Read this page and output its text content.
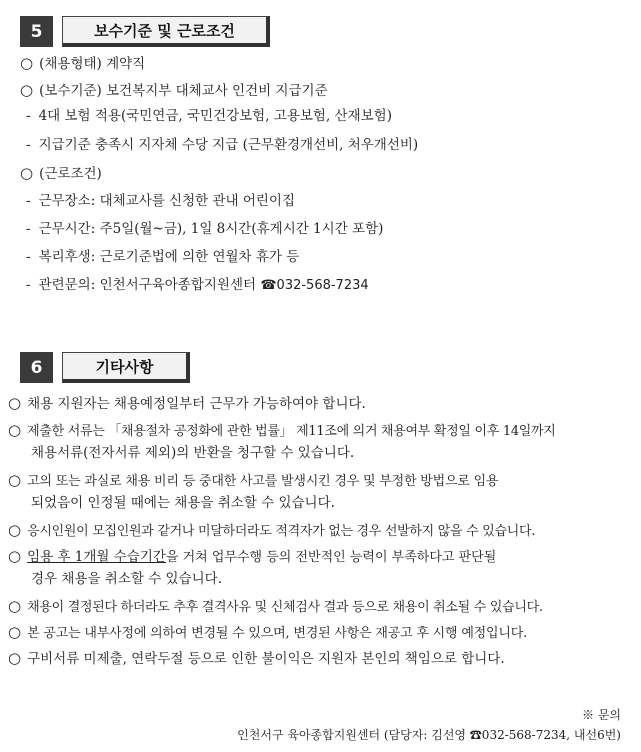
5	보수기준 및 근로조건
○ (채용형태) 계약직
○ (보수기준) 보건복지부 대체교사 인건비 지급기준
- 4대 보험 적용(국민연금, 국민건강보험, 고용보험, 산재보험)
- 지급기준 충족시 지자체 수당 지급 (근무환경개선비, 처우개선비)
○ (근로조건)
- 근무장소: 대체교사를 신청한 관내 어린이집
- 근무시간: 주5일(월~금), 1일 8시간(휴게시간 1시간 포함)
- 복리후생: 근로기준법에 의한 연월차 휴가 등
- 관련문의: 인천서구육아종합지원센터 ☎032-568-7234
6	기타사항
○ 채용 지원자는 채용예정일부터 근무가 가능하여야 합니다.
○ 제출한 서류는 「채용절차 공정화에 관한 법률」 제11조에 의거 채용여부 확정일 이후 14일까지
채용서류(전자서류 제외)의 반환을 청구할 수 있습니다.
○ 고의 또는 과실로 채용 비리 등 중대한 사고를 발생시킨 경우 및 부정한 방법으로 임용
되었음이 인정될 때에는 채용을 취소할 수 있습니다.
○ 응시인원이 모집인원과 같거나 미달하더라도 적격자가 없는 경우 선발하지 않을 수 있습니다.
○ 임용 후 1개월 수습기간을 거쳐 업무수행 등의 전반적인 능력이 부족하다고 판단될
경우 채용을 취소할 수 있습니다.
○ 채용이 결정된다 하더라도 추후 결격사유 및 신체검사 결과 등으로 채용이 취소될 수 있습니다.
○ 본 공고는 내부사정에 의하여 변경될 수 있으며, 변경된 사항은 재공고 후 시행 예정입니다.
○ 구비서류 미제출, 연락두절 등으로 인한 불이익은 지원자 본인의 책임으로 합니다.
※ 문의
인천서구 육아종합지원센터 (담당자: 김선영 ☎032-568-7234, 내선6번)
